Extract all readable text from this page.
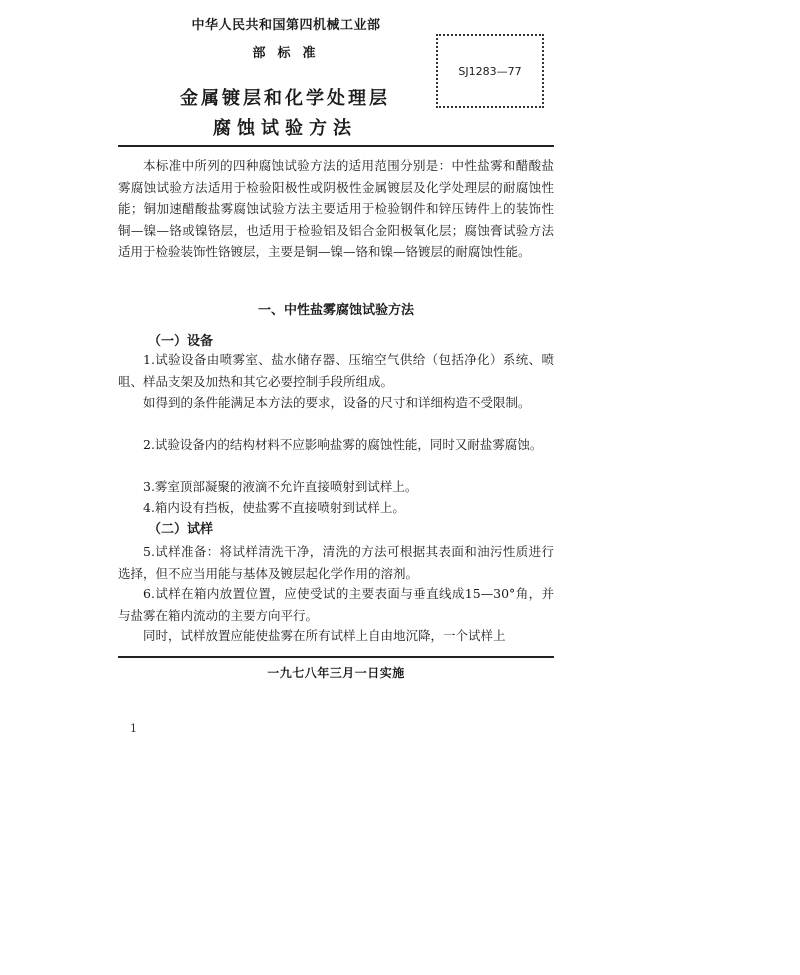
中华人民共和国第四机械工业部
部标准
金属镀层和化学处理层
腐蚀试验方法
SJ1283—77
本标准中所列的四种腐蚀试验方法的适用范围分别是：中性盐雾和醋酸盐雾腐蚀试验方法适用于检验阳极性或阴极性金属镀层及化学处理层的耐腐蚀性能；铜加速醋酸盐雾腐蚀试验方法主要适用于检验钢件和锌压铸件上的装饰性铜—镍—铬或镍铬层，也适用于检验铝及铝合金阳极氧化层；腐蚀膏试验方法适用于检验装饰性铬镀层，主要是铜—镍—铬和镍—铬镀层的耐腐蚀性能。
一、中性盐雾腐蚀试验方法
（一）设备
1.试验设备由喷雾室、盐水储存器、压缩空气供给（包括净化）系统、喷咀、样品支架及加热和其它必要控制手段所组成。
如得到的条件能满足本方法的要求，设备的尺寸和详细构造不受限制。
2.试验设备内的结构材料不应影响盐雾的腐蚀性能，同时又耐盐雾腐蚀。
3.雾室顶部凝聚的液滴不允许直接喷射到试样上。
4.箱内设有挡板，使盐雾不直接喷射到试样上。
（二）试样
5.试样准备：将试样清洗干净，清洗的方法可根据其表面和油污性质进行选择，但不应当用能与基体及镀层起化学作用的溶剂。
6.试样在箱内放置位置，应使受试的主要表面与垂直线成15—30°角，并与盐雾在箱内流动的主要方向平行。
同时，试样放置应能使盐雾在所有试样上自由地沉降，一个试样上
一九七八年三月一日实施
1
